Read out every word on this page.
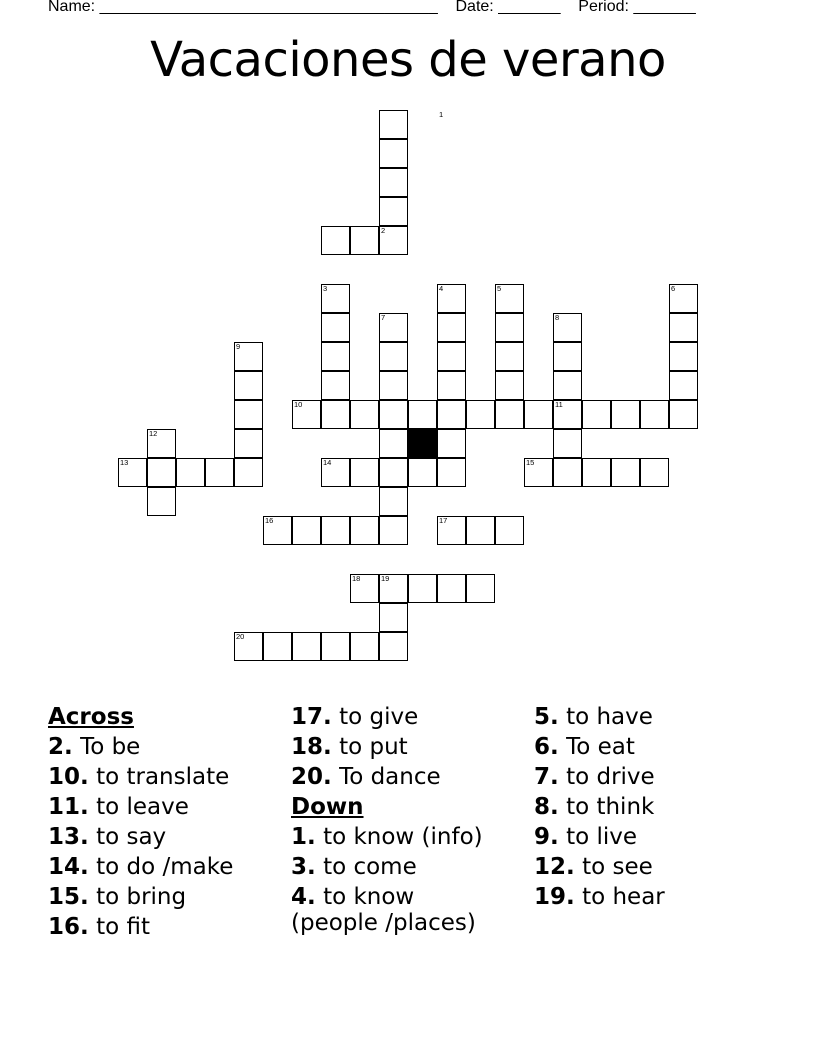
Name: ______________________________________ Date: _______ Period: _______
Vacaciones de verano
1
2
3	4	5	6
7	8
9
10	11
12
13	14	15
16	17
18	19
20
Across
2. To be
10. to translate
11. to leave
13. to say
14. to do /make
15. to bring
16. to fit
17. to give
18. to put
20. To dance
Down
1. to know (info)
3. to come
4. to know
(people /places)
5. to have
6. To eat
7. to drive
8. to think
9. to live
12. to see
19. to hear
